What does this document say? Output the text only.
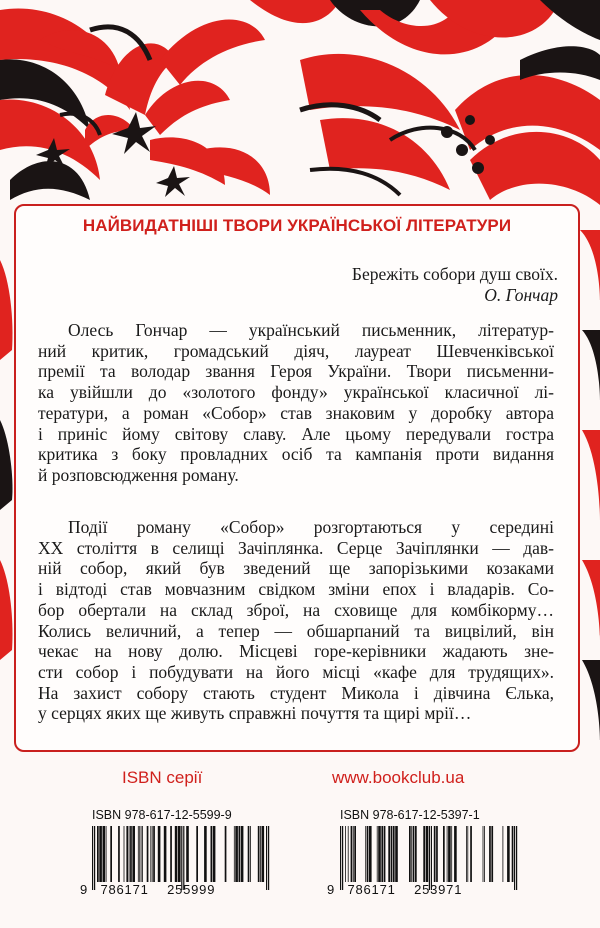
НАЙВИДАТНІШІ ТВОРИ УКРАЇНСЬКОЇ ЛІТЕРАТУРИ
Бережіть собори душ своїх.
О. Гончар
Олесь Гончар — український письменник, літератур-
ний критик, громадський діяч, лауреат Шевченківської
премії та володар звання Героя України. Твори письменни-
ка увійшли до «золотого фонду» української класичної лі-
тератури, а роман «Собор» став знаковим у доробку автора
і приніс йому світову славу. Але цьому передували гостра
критика з боку провладних осіб та кампанія проти видання
й розповсюдження роману.
Події роману «Собор» розгортаються у середині
XX століття в селищі Зачіплянка. Серце Зачіплянки — дав-
ній собор, який був зведений ще запорізькими козаками
і відтоді став мовчазним свідком зміни епох і владарів. Со-
бор обертали на склад зброї, на сховище для комбікорму…
Колись величний, а тепер — обшарпаний та вицвілий, він
чекає на нову долю. Місцеві горе-керівники жадають зне-
сти собор і побудувати на його місці «кафе для трудящих».
На захист собору стають студент Микола і дівчина Єлька,
у серцях яких ще живуть справжні почуття та щирі мрії…
ISBN серії
ISBN 978-617-12-5599-9
9 786171 255999
www.bookclub.ua
ISBN 978-617-12-5397-1
9 786171 253971
